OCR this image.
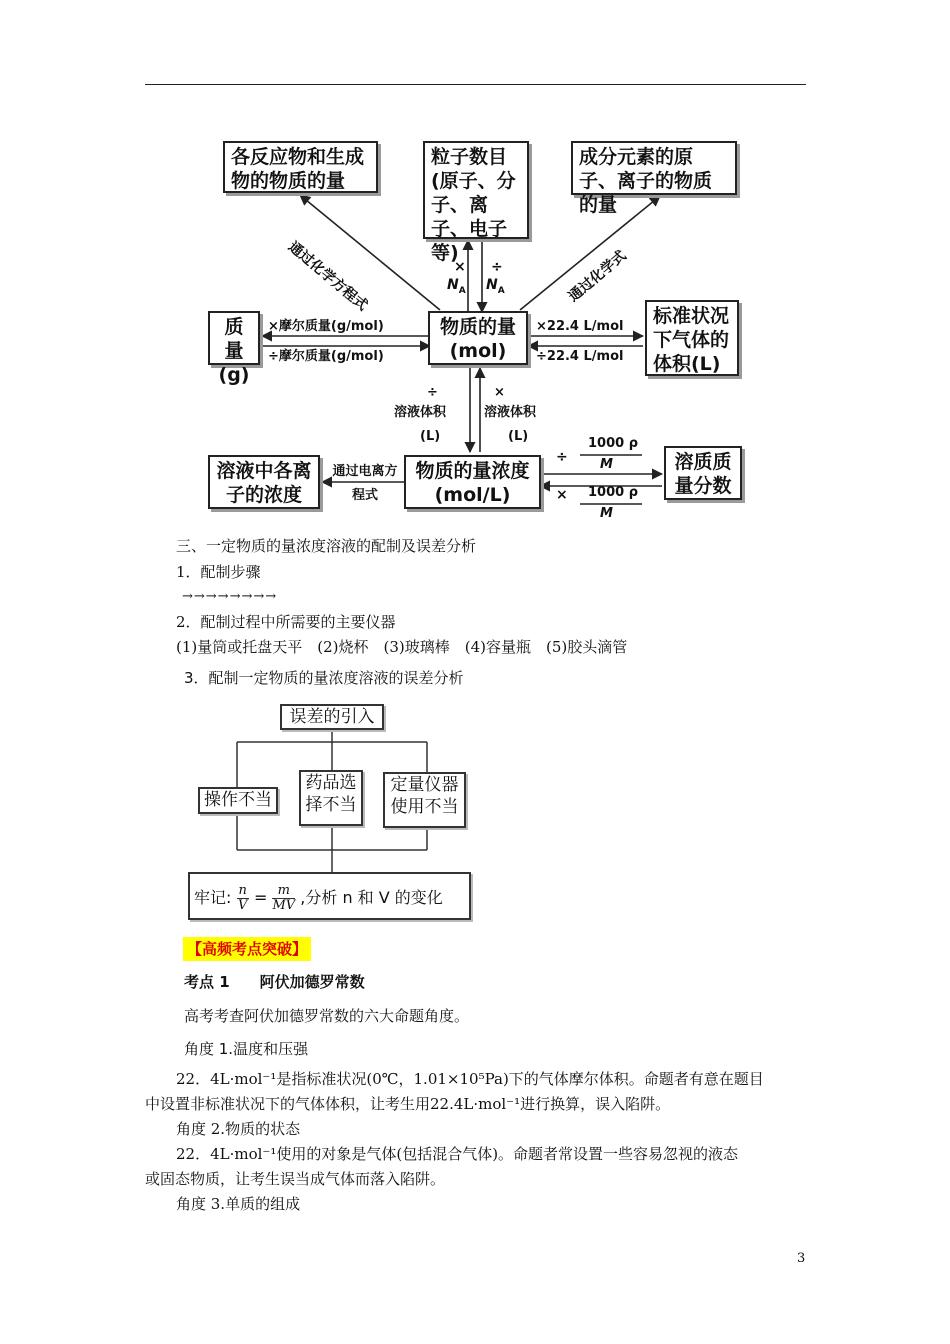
各反应物和生成物的物质的量
粒子数目(原子、分子、离子、电子等)
成分元素的原子、离子的物质的量
质量(g)
物质的量(mol)
标准状况下气体的体积(L)
溶液中各离子的浓度
物质的量浓度(mol/L)
溶质质量分数
通过化学方程式	通过化学式
×
$N_A$
÷
$N_A$
×摩尔质量(g/mol)
÷摩尔质量(g/mol)
×22.4 L/mol
÷22.4 L/mol
÷
溶液体积
(L)
×
溶液体积
(L)
通过电离方程式
÷
1000 ρ
M
× 1000 ρ
M
三、一定物质的量浓度溶液的配制及误差分析
1．配制步骤
→→→→→→→→
2．配制过程中所需要的主要仪器
(1)量筒或托盘天平　(2)烧杯　(3)玻璃棒　(4)容量瓶　(5)胶头滴管
3．配制一定物质的量浓度溶液的误差分析
误差的引入
操作不当
药品选择不当
定量仪器使用不当
牢记: $\frac{n}{V} = \frac{m}{MV}$ ,分析 n 和 V 的变化
【高频考点突破】
考点 1　　阿伏加德罗常数
高考考查阿伏加德罗常数的六大命题角度。
角度 1.温度和压强
22．4L·mol⁻¹是指标准状况(0℃，1.01×10⁵Pa)下的气体摩尔体积。命题者有意在题目
中设置非标准状况下的气体体积，让考生用22.4L·mol⁻¹进行换算，误入陷阱。
角度 2.物质的状态
22．4L·mol⁻¹使用的对象是气体(包括混合气体)。命题者常设置一些容易忽视的液态
或固态物质，让考生误当成气体而落入陷阱。
角度 3.单质的组成
3
